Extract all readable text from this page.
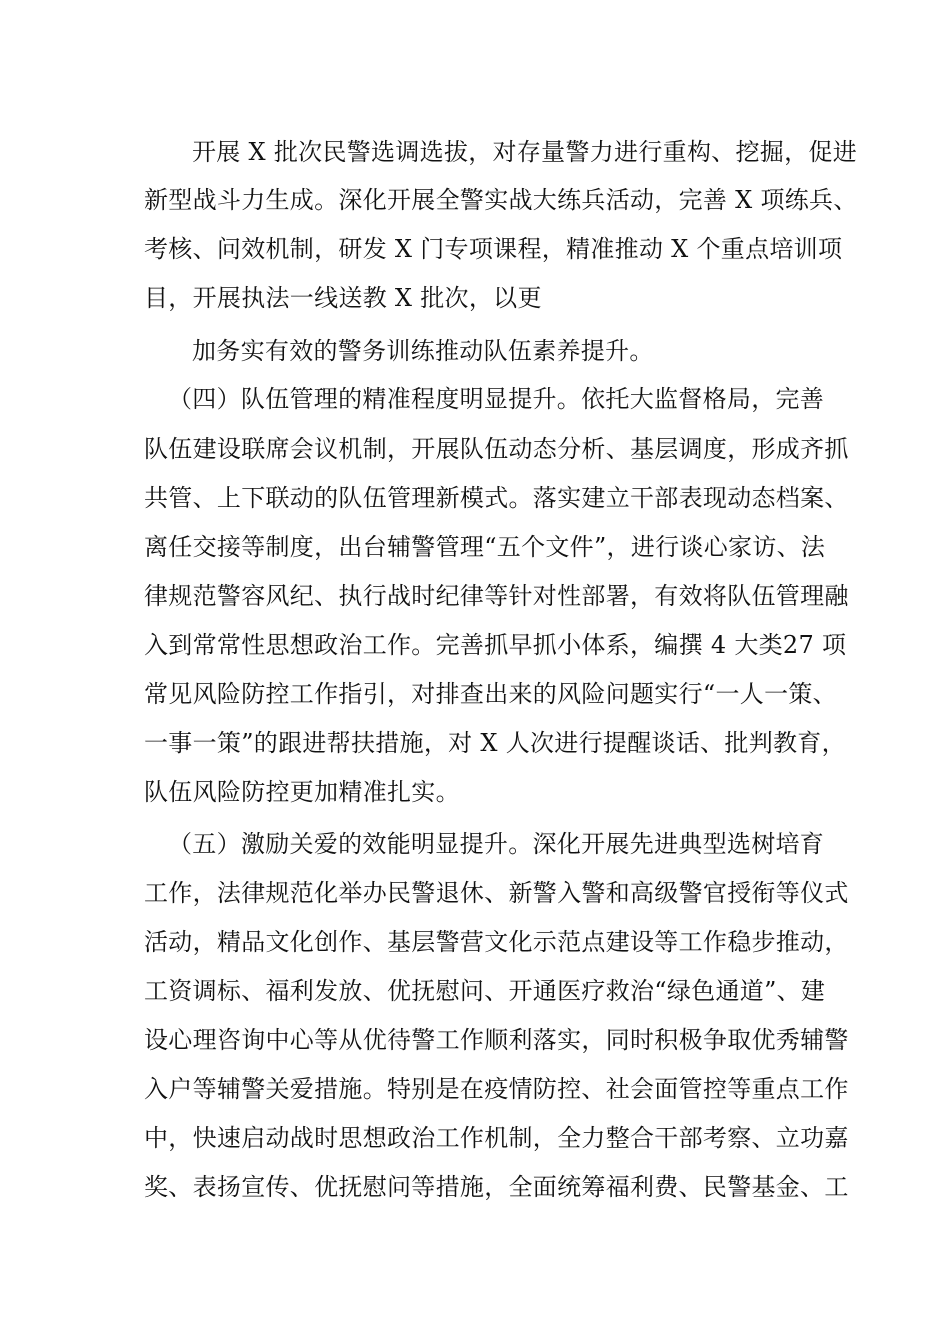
开展 X 批次民警选调选拔，对存量警力进行重构、挖掘，促进
新型战斗力生成。深化开展全警实战大练兵活动，完善 X 项练兵、
考核、问效机制，研发 X 门专项课程，精准推动 X 个重点培训项
目，开展执法一线送教 X 批次，以更
加务实有效的警务训练推动队伍素养提升。
（四）队伍管理的精准程度明显提升。依托大监督格局，完善
队伍建设联席会议机制，开展队伍动态分析、基层调度，形成齐抓
共管、上下联动的队伍管理新模式。落实建立干部表现动态档案、
离任交接等制度，出台辅警管理“五个文件”，进行谈心家访、法
律规范警容风纪、执行战时纪律等针对性部署，有效将队伍管理融
入到常常性思想政治工作。完善抓早抓小体系，编撰 4 大类27 项
常见风险防控工作指引，对排查出来的风险问题实行“一人一策、
一事一策”的跟进帮扶措施，对 X 人次进行提醒谈话、批判教育，
队伍风险防控更加精准扎实。
（五）激励关爱的效能明显提升。深化开展先进典型选树培育
工作，法律规范化举办民警退休、新警入警和高级警官授衔等仪式
活动，精品文化创作、基层警营文化示范点建设等工作稳步推动，
工资调标、福利发放、优抚慰问、开通医疗救治“绿色通道”、建
设心理咨询中心等从优待警工作顺利落实，同时积极争取优秀辅警
入户等辅警关爱措施。特别是在疫情防控、社会面管控等重点工作
中，快速启动战时思想政治工作机制，全力整合干部考察、立功嘉
奖、表扬宣传、优抚慰问等措施，全面统筹福利费、民警基金、工
